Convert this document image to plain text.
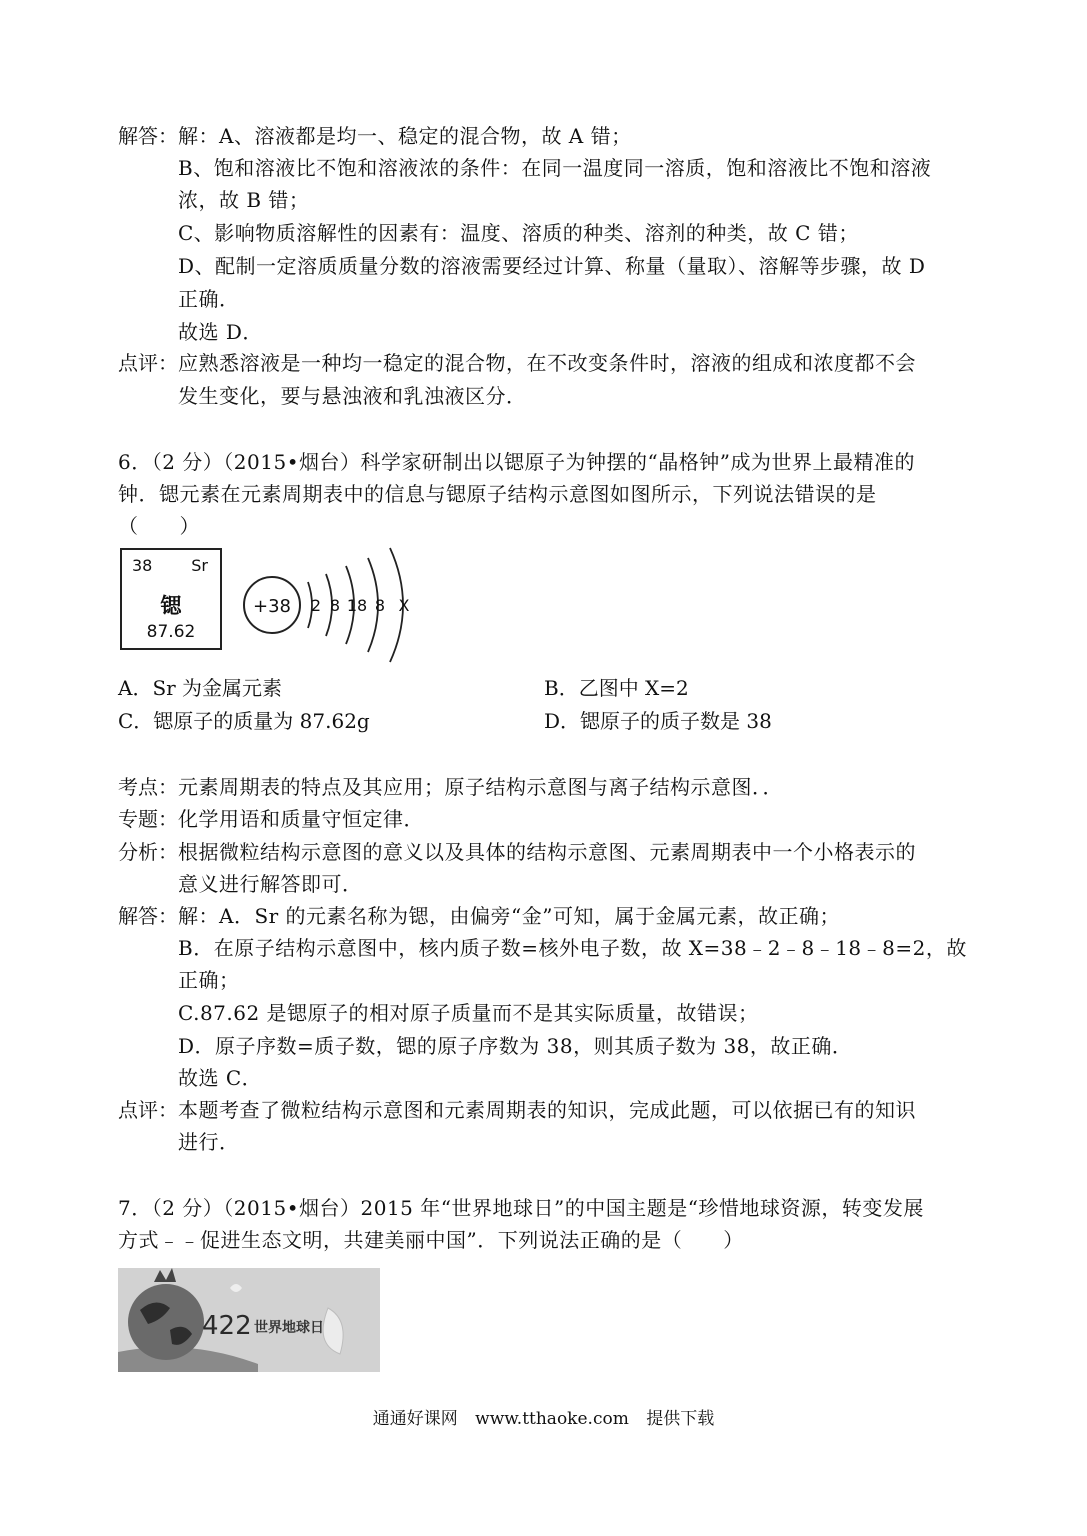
解答： 解：A、溶液都是均一、稳定的混合物，故 A 错；
B、饱和溶液比不饱和溶液浓的条件：在同一温度同一溶质，饱和溶液比不饱和溶液
浓，故 B 错；
C、影响物质溶解性的因素有：温度、溶质的种类、溶剂的种类，故 C 错；
D、配制一定溶质质量分数的溶液需要经过计算、称量（量取）、溶解等步骤，故 D
正确．
故选 D．
点评： 应熟悉溶液是一种均一稳定的混合物，在不改变条件时，溶液的组成和浓度都不会
发生变化，要与悬浊液和乳浊液区分．
6．（2 分）（2015•烟台）科学家研制出以锶原子为钟摆的“晶格钟”成为世界上最精准的
钟．锶元素在元素周期表中的信息与锶原子结构示意图如图所示，下列说法错误的是
（　　）
38 Sr
锶
87.62
+38 2 8 18 8 X
A．Sr 为金属元素	B．乙图中 X=2
C．锶原子的质量为 87.62g	D．锶原子的质子数是 38
考点： 元素周期表的特点及其应用；原子结构示意图与离子结构示意图．．
专题： 化学用语和质量守恒定律．
分析： 根据微粒结构示意图的意义以及具体的结构示意图、元素周期表中一个小格表示的
意义进行解答即可．
解答： 解：A．Sr 的元素名称为锶，由偏旁“金”可知，属于金属元素，故正确；
B．在原子结构示意图中，核内质子数=核外电子数，故 X=38﹣2﹣8﹣18﹣8=2，故
正确；
C.87.62 是锶原子的相对原子质量而不是其实际质量，故错误；
D．原子序数=质子数，锶的原子序数为 38，则其质子数为 38，故正确．
故选 C．
点评： 本题考查了微粒结构示意图和元素周期表的知识，完成此题，可以依据已有的知识
进行．
7．（2 分）（2015•烟台）2015 年“世界地球日”的中国主题是“珍惜地球资源，转变发展
方式﹣﹣促进生态文明，共建美丽中国”．下列说法正确的是（　　）
422 世界地球日
通通好课网 www.tthaoke.com 提供下载
